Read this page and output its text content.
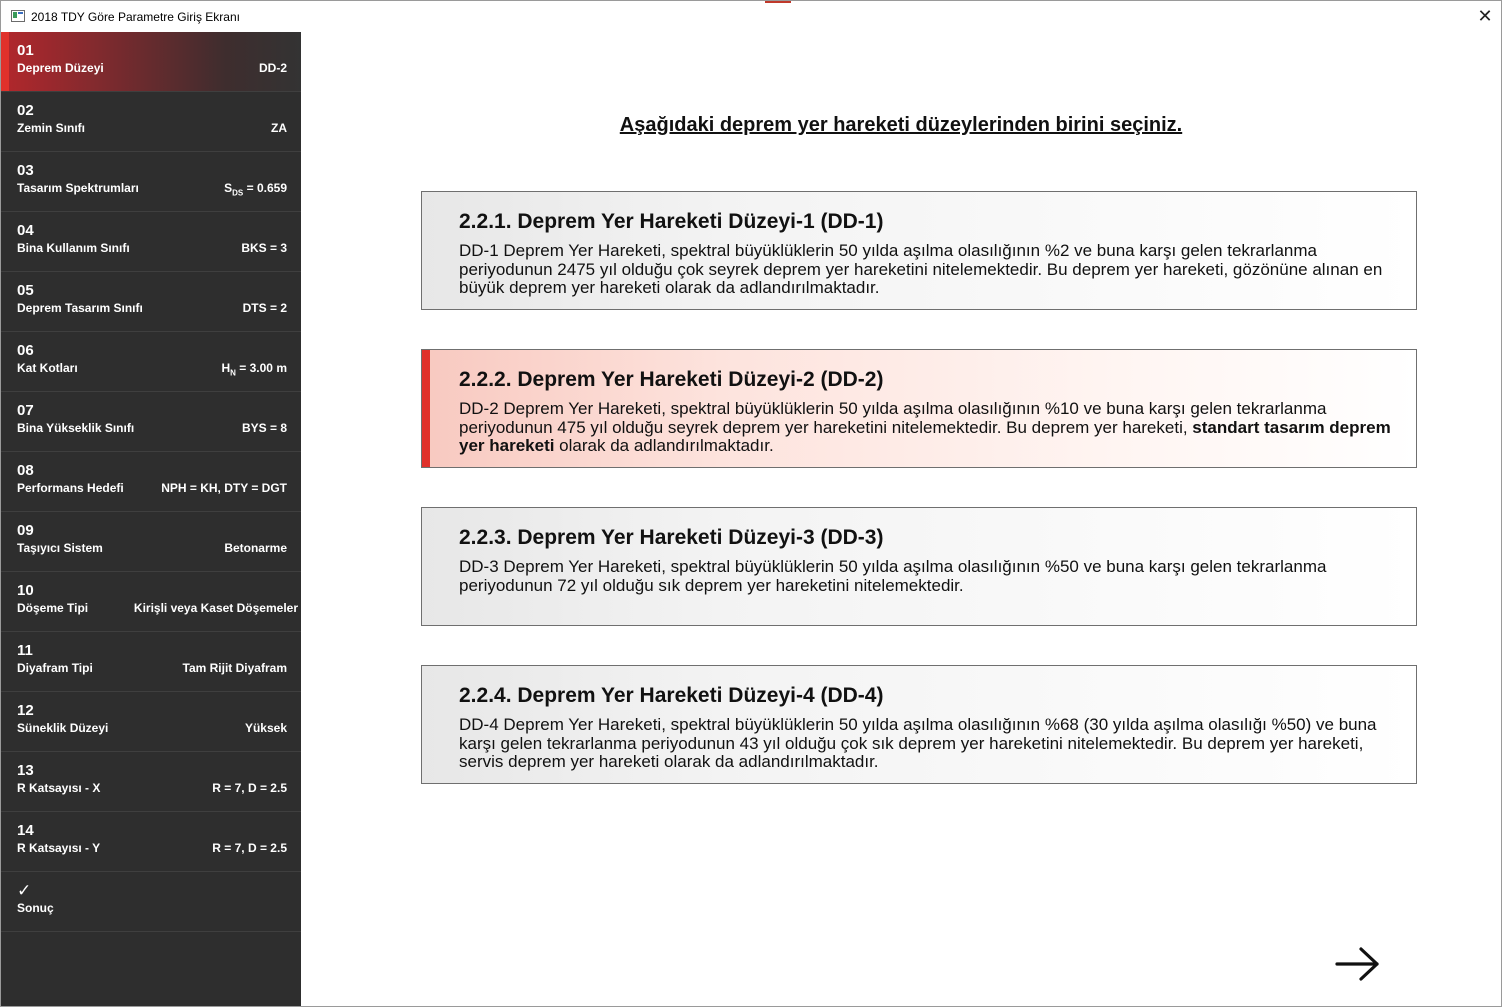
2018 TDY Göre Parametre Giriş Ekranı	✕
01
Deprem Düzeyi	DD-2
02
Zemin Sınıfı	ZA
03
Tasarım Spektrumları	$S_{DS} = 0.659$
04
Bina Kullanım Sınıfı	BKS = 3
05
Deprem Tasarım Sınıfı	DTS = 2
06
Kat Kotları	$H_N = 3.00$ m
07
Bina Yükseklik Sınıfı	BYS = 8
08
Performans Hedefi	NPH = KH, DTY = DGT
09
Taşıyıcı Sistem	Betonarme
10
Döşeme Tipi	Kirişli veya Kaset Döşemeler
11
Diyafram Tipi	Tam Rijit Diyafram
12
Süneklik Düzeyi	Yüksek
13
R Katsayısı - X	R = 7, D = 2.5
14
R Katsayısı - Y	R = 7, D = 2.5
✓
Sonuç
Aşağıdaki deprem yer hareketi düzeylerinden birini seçiniz.
2.2.1. Deprem Yer Hareketi Düzeyi-1 (DD-1)
DD-1 Deprem Yer Hareketi, spektral büyüklüklerin 50 yılda aşılma olasılığının %2 ve buna karşı gelen tekrarlanma periyodunun 2475 yıl olduğu çok seyrek deprem yer hareketini nitelemektedir. Bu deprem yer hareketi, gözönüne alınan en büyük deprem yer hareketi olarak da adlandırılmaktadır.
2.2.2. Deprem Yer Hareketi Düzeyi-2 (DD-2)
DD-2 Deprem Yer Hareketi, spektral büyüklüklerin 50 yılda aşılma olasılığının %10 ve buna karşı gelen tekrarlanma periyodunun 475 yıl olduğu seyrek deprem yer hareketini nitelemektedir. Bu deprem yer hareketi, standart tasarım deprem yer hareketi olarak da adlandırılmaktadır.
2.2.3. Deprem Yer Hareketi Düzeyi-3 (DD-3)
DD-3 Deprem Yer Hareketi, spektral büyüklüklerin 50 yılda aşılma olasılığının %50 ve buna karşı gelen tekrarlanma periyodunun 72 yıl olduğu sık deprem yer hareketini nitelemektedir.
2.2.4. Deprem Yer Hareketi Düzeyi-4 (DD-4)
DD-4 Deprem Yer Hareketi, spektral büyüklüklerin 50 yılda aşılma olasılığının %68 (30 yılda aşılma olasılığı %50) ve buna karşı gelen tekrarlanma periyodunun 43 yıl olduğu çok sık deprem yer hareketini nitelemektedir. Bu deprem yer hareketi, servis deprem yer hareketi olarak da adlandırılmaktadır.
